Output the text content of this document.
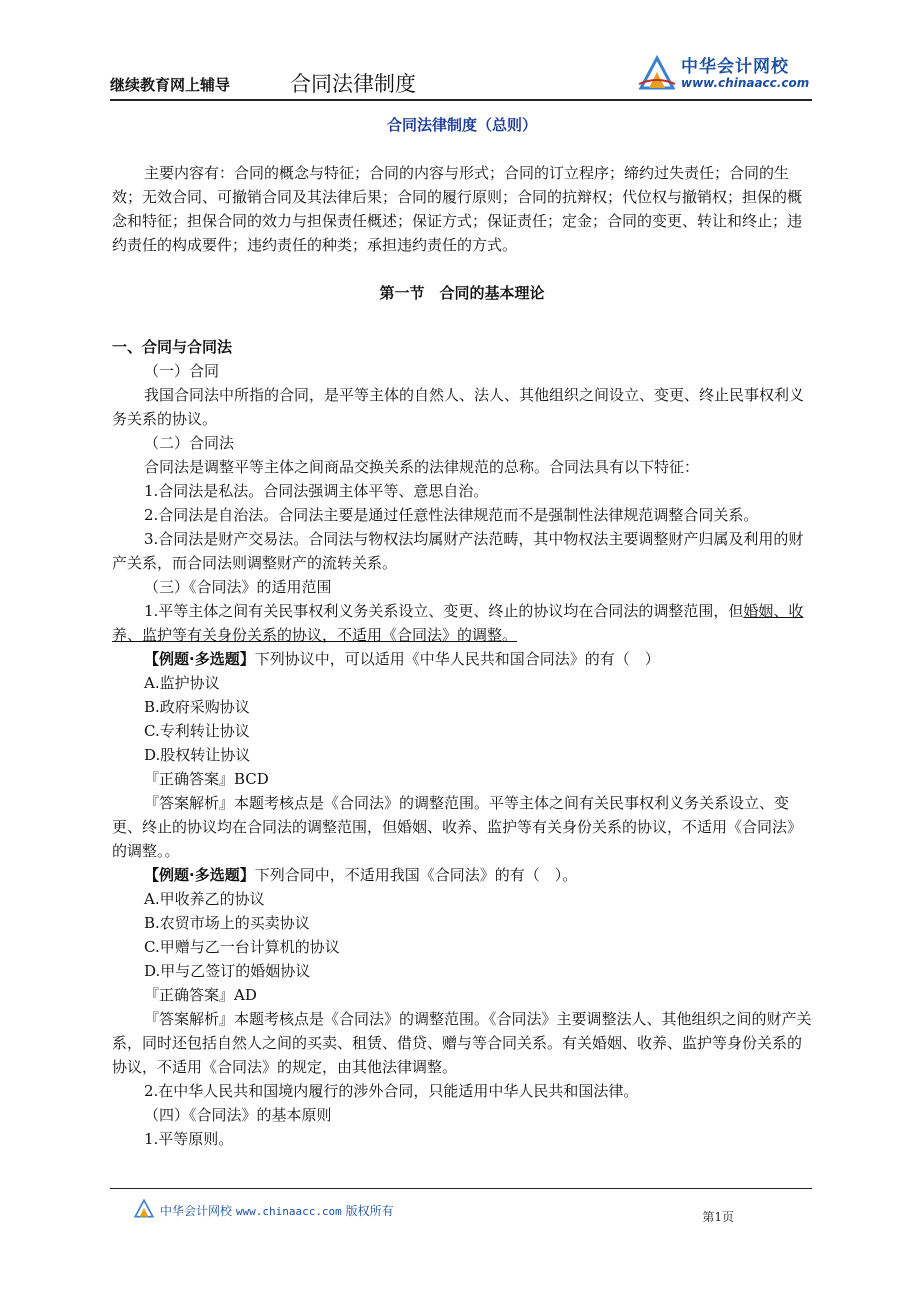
继续教育网上辅导	合同法律制度
中华会计网校
www.chinaacc.com

合同法律制度（总则）

主要内容有：合同的概念与特征；合同的内容与形式；合同的订立程序；缔约过失责任；合同的生效；无效合同、可撤销合同及其法律后果；合同的履行原则；合同的抗辩权；代位权与撤销权；担保的概念和特征；担保合同的效力与担保责任概述；保证方式；保证责任；定金；合同的变更、转让和终止；违约责任的构成要件；违约责任的种类；承担违约责任的方式。

第一节　合同的基本理论

一、合同与合同法

（一）合同

我国合同法中所指的合同，是平等主体的自然人、法人、其他组织之间设立、变更、终止民事权利义务关系的协议。

（二）合同法

合同法是调整平等主体之间商品交换关系的法律规范的总称。合同法具有以下特征：

1.合同法是私法。合同法强调主体平等、意思自治。

2.合同法是自治法。合同法主要是通过任意性法律规范而不是强制性法律规范调整合同关系。

3.合同法是财产交易法。合同法与物权法均属财产法范畴，其中物权法主要调整财产归属及利用的财产关系，而合同法则调整财产的流转关系。

（三）《合同法》的适用范围

1.平等主体之间有关民事权利义务关系设立、变更、终止的协议均在合同法的调整范围，但婚姻、收养、监护等有关身份关系的协议，不适用《合同法》的调整。

【例题·多选题】下列协议中，可以适用《中华人民共和国合同法》的有（　）

A.监护协议

B.政府采购协议

C.专利转让协议

D.股权转让协议

『正确答案』BCD

『答案解析』本题考核点是《合同法》的调整范围。平等主体之间有关民事权利义务关系设立、变更、终止的协议均在合同法的调整范围，但婚姻、收养、监护等有关身份关系的协议，不适用《合同法》的调整。。

【例题·多选题】下列合同中，不适用我国《合同法》的有（　）。

A.甲收养乙的协议

B.农贸市场上的买卖协议

C.甲赠与乙一台计算机的协议

D.甲与乙签订的婚姻协议

『正确答案』AD

『答案解析』本题考核点是《合同法》的调整范围。《合同法》主要调整法人、其他组织之间的财产关系，同时还包括自然人之间的买卖、租赁、借贷、赠与等合同关系。有关婚姻、收养、监护等身份关系的协议，不适用《合同法》的规定，由其他法律调整。

2.在中华人民共和国境内履行的涉外合同，只能适用中华人民共和国法律。

（四）《合同法》的基本原则

1.平等原则。

中华会计网校 www.chinaacc.com 版权所有	第1页
